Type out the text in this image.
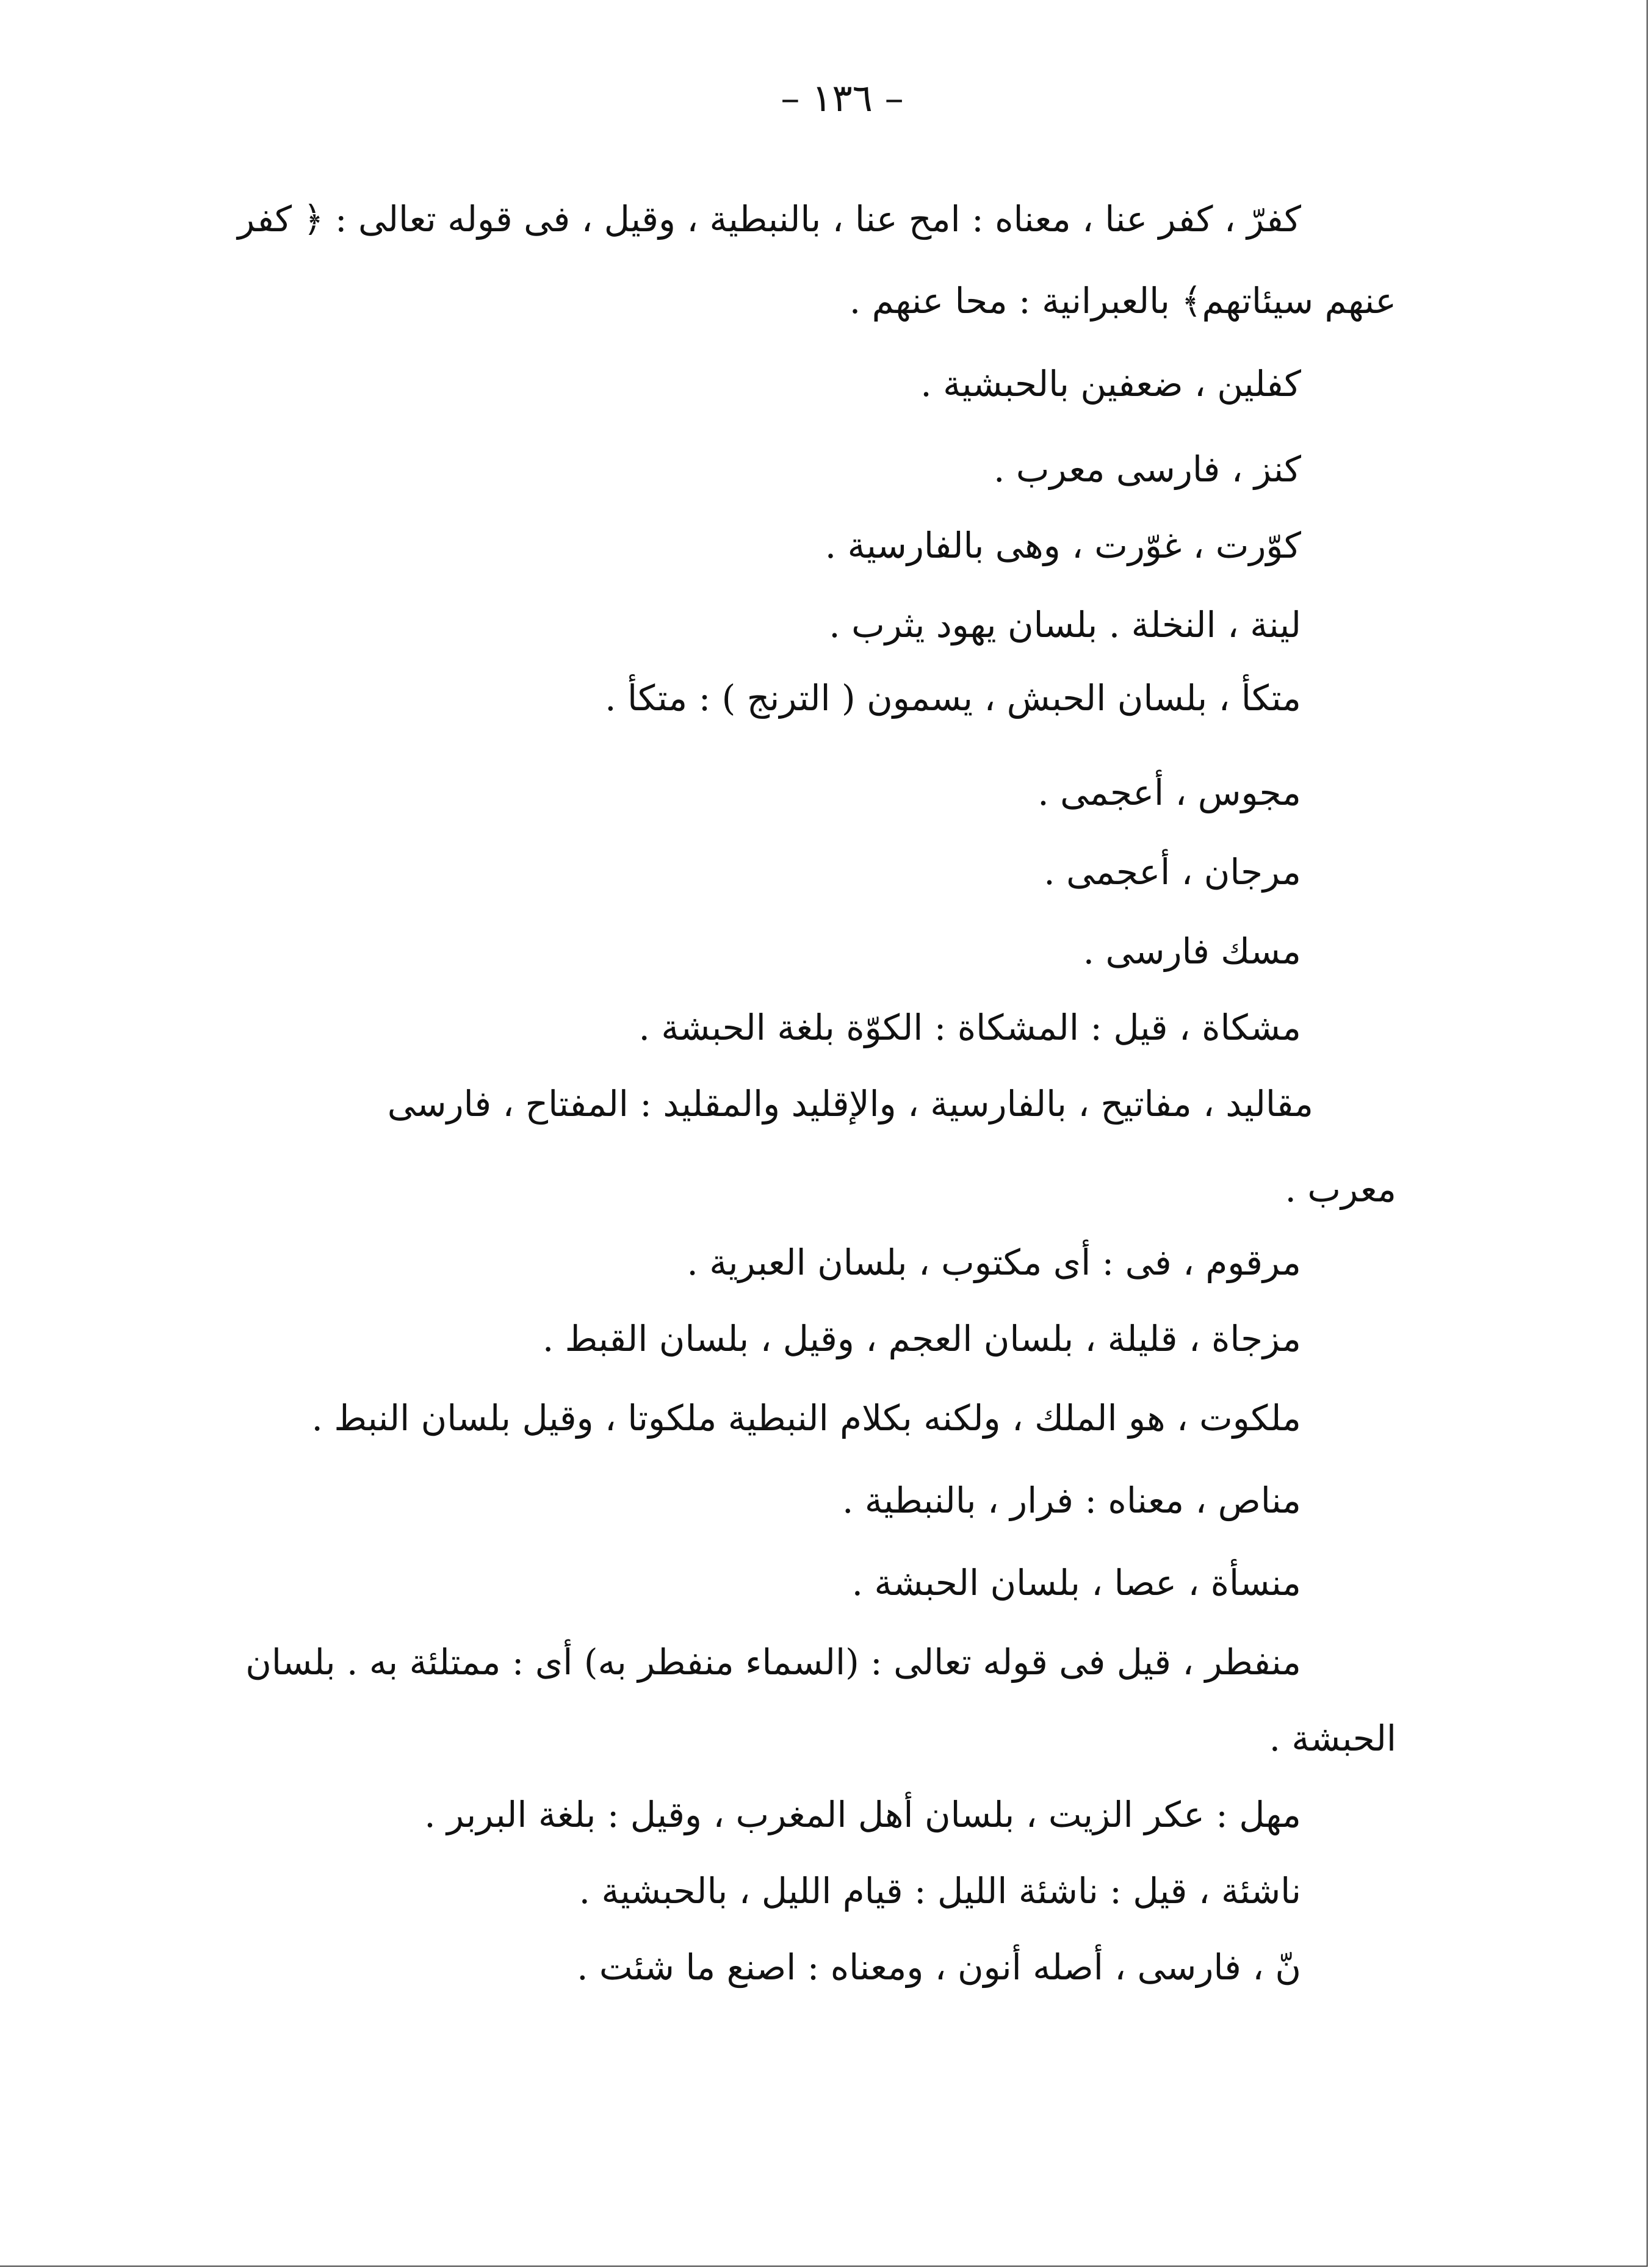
– ١٣٦ –
كفرّ ، كفر عنا ، معناه : امح عنا ، بالنبطية ، وقيل ، فى قوله تعالى : ﴿ كفر
عنهم سيئاتهم﴾ بالعبرانية : محا عنهم .
كفلين ، ضعفين بالحبشية .
كنز ، فارسى معرب .
كوّرت ، غوّرت ، وهى بالفارسية .
لينة ، النخلة . بلسان يهود يثرب .
متكأ ، بلسان الحبش ، يسمون ( الترنج ) : متكأ .
مجوس ، أعجمى .
مرجان ، أعجمى .
مسك فارسى .
مشكاة ، قيل : المشكاة : الكوّة بلغة الحبشة .
مقاليد ، مفاتيح ، بالفارسية ، والإقليد والمقليد : المفتاح ، فارسى
معرب .
مرقوم ، فى : أى مكتوب ، بلسان العبرية .
مزجاة ، قليلة ، بلسان العجم ، وقيل ، بلسان القبط .
ملكوت ، هو الملك ، ولكنه بكلام النبطية ملكوتا ، وقيل بلسان النبط .
مناص ، معناه : فرار ، بالنبطية .
منسأة ، عصا ، بلسان الحبشة .
منفطر ، قيل فى قوله تعالى : (السماء منفطر به) أى : ممتلئة به . بلسان
الحبشة .
مهل : عكر الزيت ، بلسان أهل المغرب ، وقيل : بلغة البربر .
ناشئة ، قيل : ناشئة الليل : قيام الليل ، بالحبشية .
نّ ، فارسى ، أصله أنون ، ومعناه : اصنع ما شئت .
